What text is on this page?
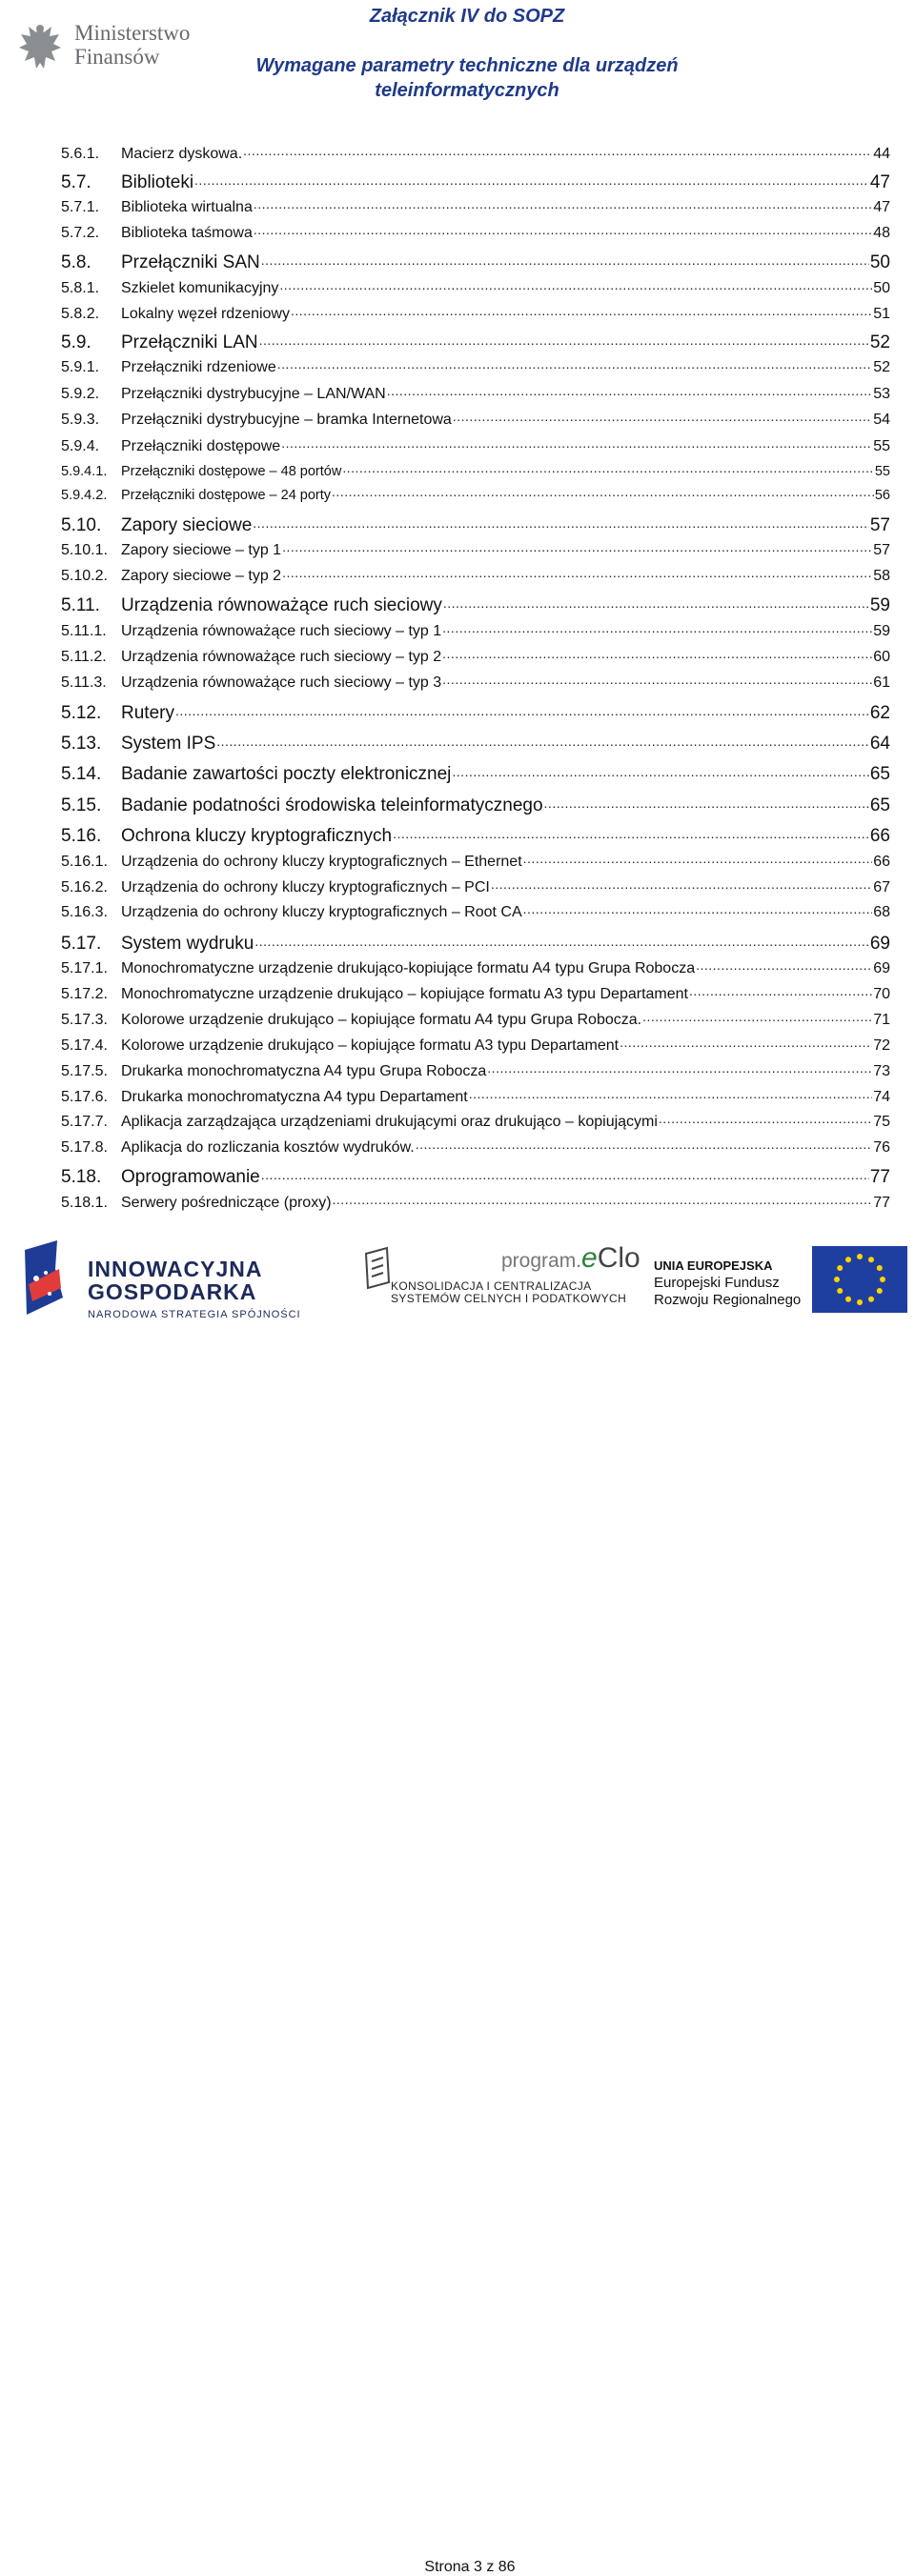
Ministerstwo
Finansów
Załącznik IV do SOPZ
Wymagane parametry techniczne dla urządzeń
teleinformatycznych
5.6.1.	Macierz dyskowa. .....	44
5.7.	Biblioteki .....	47
5.7.1.	Biblioteka wirtualna .....	47
5.7.2.	Biblioteka taśmowa .....	48
5.8.	Przełączniki SAN .....	50
5.8.1.	Szkielet komunikacyjny .....	50
5.8.2.	Lokalny węzeł rdzeniowy .....	51
5.9.	Przełączniki LAN .....	52
5.9.1.	Przełączniki rdzeniowe .....	52
5.9.2.	Przełączniki dystrybucyjne – LAN/WAN .....	53
5.9.3.	Przełączniki dystrybucyjne – bramka Internetowa .....	54
5.9.4.	Przełączniki dostępowe .....	55
5.9.4.1.	Przełączniki dostępowe – 48 portów .....	55
5.9.4.2.	Przełączniki dostępowe – 24 porty .....	56
5.10.	Zapory sieciowe .....	57
5.10.1. Zapory sieciowe – typ 1 .....	57
5.10.2. Zapory sieciowe – typ 2 .....	58
5.11.	Urządzenia równoważące ruch sieciowy .....	59
5.11.1. Urządzenia równoważące ruch sieciowy – typ 1 .....	59
5.11.2. Urządzenia równoważące ruch sieciowy – typ 2 .....	60
5.11.3. Urządzenia równoważące ruch sieciowy – typ 3 .....	61
5.12.	Rutery .....	62
5.13.	System IPS .....	64
5.14.	Badanie zawartości poczty elektronicznej .....	65
5.15.	Badanie podatności środowiska teleinformatycznego .....	65
5.16.	Ochrona kluczy kryptograficznych .....	66
5.16.1. Urządzenia do ochrony kluczy kryptograficznych – Ethernet .....	66
5.16.2. Urządzenia do ochrony kluczy kryptograficznych – PCI .....	67
5.16.3. Urządzenia do ochrony kluczy kryptograficznych – Root CA .....	68
5.17.	System wydruku .....	69
5.17.1. Monochromatyczne urządzenie drukująco-kopiujące formatu A4 typu Grupa Robocza .....	69
5.17.2. Monochromatyczne urządzenie drukująco – kopiujące formatu A3 typu Departament .....	70
5.17.3. Kolorowe urządzenie drukująco – kopiujące formatu A4 typu Grupa Robocza. .....	71
5.17.4. Kolorowe urządzenie drukująco – kopiujące formatu A3 typu Departament .....	72
5.17.5. Drukarka monochromatyczna A4 typu Grupa Robocza .....	73
5.17.6. Drukarka monochromatyczna A4 typu Departament .....	74
5.17.7. Aplikacja zarządzająca urządzeniami drukującymi oraz drukująco – kopiującymi .....	75
5.17.8. Aplikacja do rozliczania kosztów wydruków. .....	76
5.18.	Oprogramowanie .....	77
5.18.1. Serwery pośredniczące (proxy) .....	77
INNOWACYJNA
GOSPODARKA
NARODOWA STRATEGIA SPÓJNOŚCI
KONSOLIDACJA I CENTRALIZACJA
SYSTEMÓW CELNYCH I PODATKOWYCH
program.eClo UNIA EUROPEJSKA
Europejski Fundusz
Rozwoju Regionalnego
Strona 3 z 86
